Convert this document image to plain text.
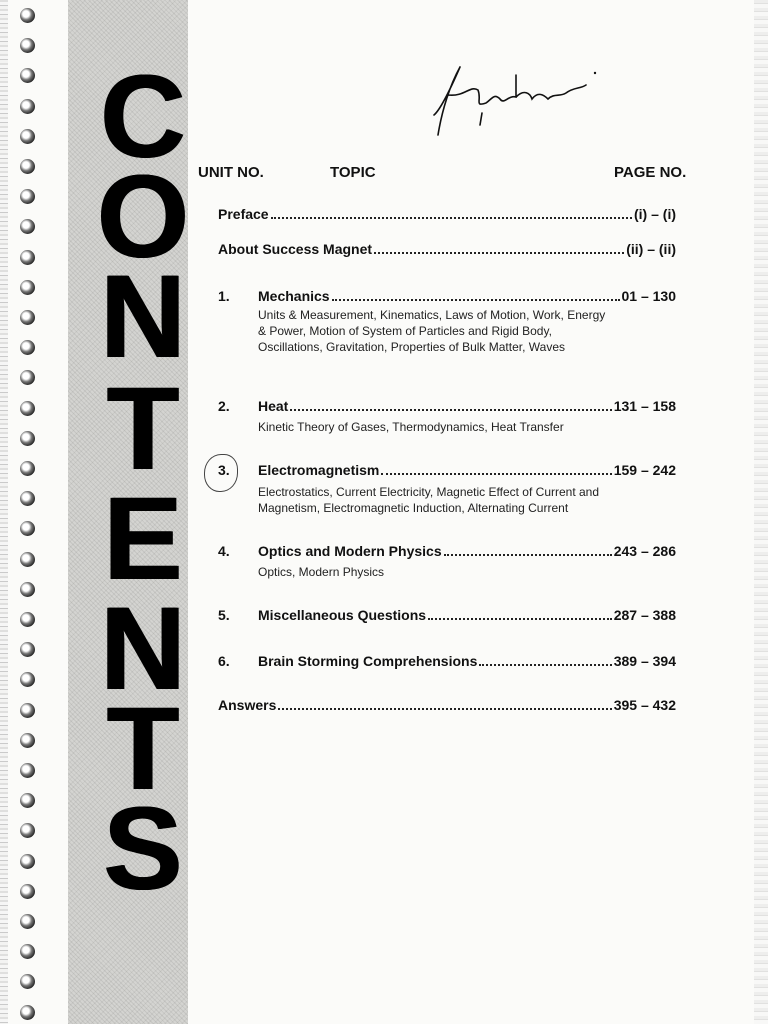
C
O
N
T
E
N
T
S
UNIT NO.	TOPIC	PAGE NO.
Preface	(i) – (i)
About Success Magnet	(ii) – (ii)
1.	Mechanics	01 – 130
Units & Measurement, Kinematics, Laws of Motion, Work, Energy & Power, Motion of System of Particles and Rigid Body, Oscillations, Gravitation, Properties of Bulk Matter, Waves
2.	Heat	131 – 158
Kinetic Theory of Gases, Thermodynamics, Heat Transfer
3.	Electromagnetism	159 – 242
Electrostatics, Current Electricity, Magnetic Effect of Current and Magnetism, Electromagnetic Induction, Alternating Current
4.	Optics and Modern Physics	243 – 286
Optics, Modern Physics
5.	Miscellaneous Questions	287 – 388
6.	Brain Storming Comprehensions	389 – 394
Answers	395 – 432
